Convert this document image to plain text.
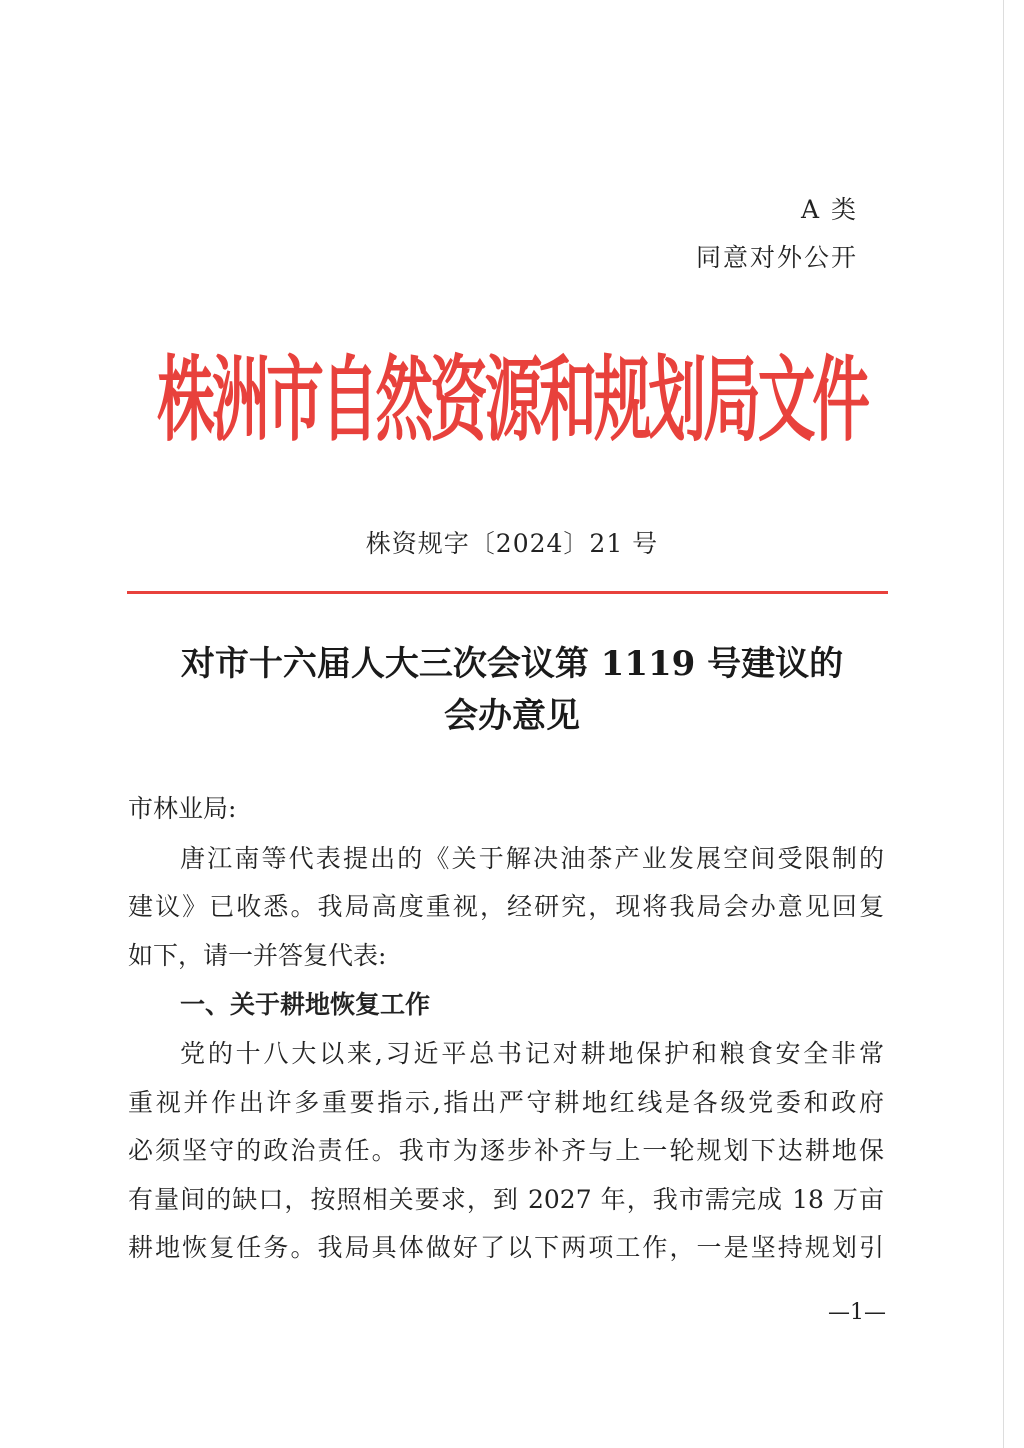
A 类
同意对外公开
株洲市自然资源和规划局文件
株资规字〔2024〕21 号
对市十六届人大三次会议第 1119 号建议的
会办意见
市林业局:
唐江南等代表提出的《关于解决油茶产业发展空间受限制的
建议》已收悉。我局高度重视，经研究，现将我局会办意见回复
如下，请一并答复代表:
一、关于耕地恢复工作
党的十八大以来,习近平总书记对耕地保护和粮食安全非常
重视并作出许多重要指示,指出严守耕地红线是各级党委和政府
必须坚守的政治责任。我市为逐步补齐与上一轮规划下达耕地保
有量间的缺口，按照相关要求，到 2027 年，我市需完成 18 万亩
耕地恢复任务。我局具体做好了以下两项工作，一是坚持规划引
—1—
